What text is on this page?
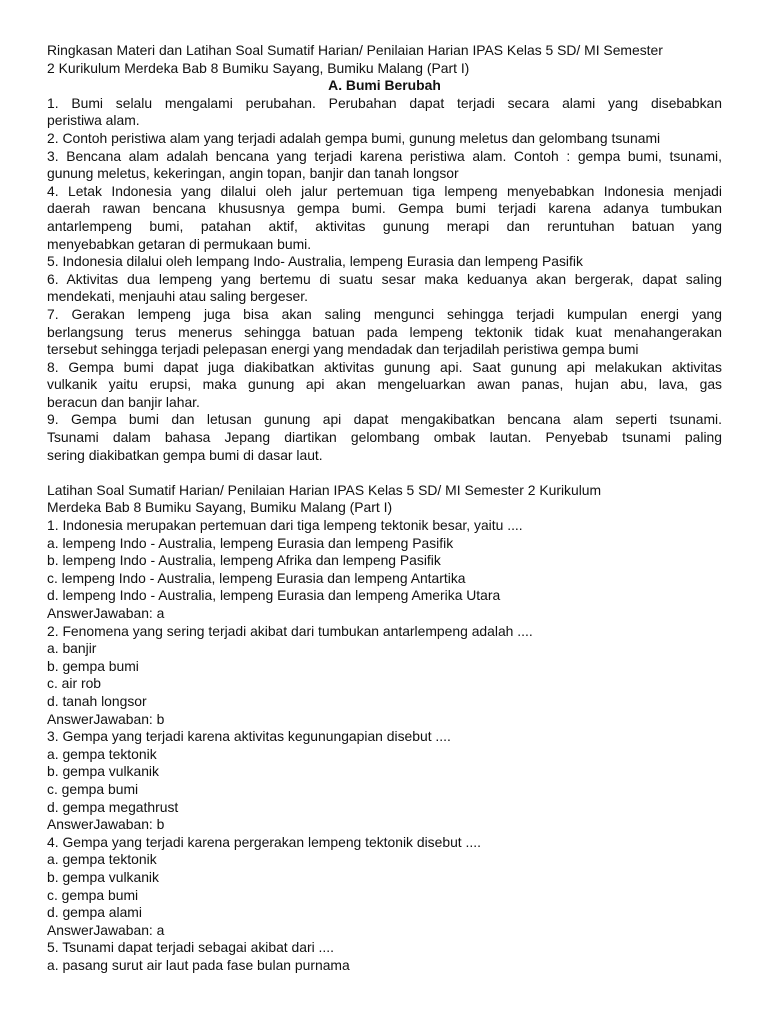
Ringkasan Materi dan Latihan Soal Sumatif Harian/ Penilaian Harian IPAS Kelas 5 SD/ MI Semester
2 Kurikulum Merdeka Bab 8 Bumiku Sayang, Bumiku Malang (Part I)
A. Bumi Berubah
1. Bumi selalu mengalami perubahan. Perubahan dapat terjadi secara alami yang disebabkan
peristiwa alam.
2. Contoh peristiwa alam yang terjadi adalah gempa bumi, gunung meletus dan gelombang tsunami
3. Bencana alam adalah bencana yang terjadi karena peristiwa alam. Contoh : gempa bumi, tsunami,
gunung meletus, kekeringan, angin topan, banjir dan tanah longsor
4. Letak Indonesia yang dilalui oleh jalur pertemuan tiga lempeng menyebabkan Indonesia menjadi
daerah rawan bencana khususnya gempa bumi. Gempa bumi terjadi karena adanya tumbukan
antarlempeng bumi, patahan aktif, aktivitas gunung merapi dan reruntuhan batuan yang
menyebabkan getaran di permukaan bumi.
5. Indonesia dilalui oleh lempang Indo- Australia, lempeng Eurasia dan lempeng Pasifik
6. Aktivitas dua lempeng yang bertemu di suatu sesar maka keduanya akan bergerak, dapat saling
mendekati, menjauhi atau saling bergeser.
7. Gerakan lempeng juga bisa akan saling mengunci sehingga terjadi kumpulan energi yang
berlangsung terus menerus sehingga batuan pada lempeng tektonik tidak kuat menahangerakan
tersebut sehingga terjadi pelepasan energi yang mendadak dan terjadilah peristiwa gempa bumi
8. Gempa bumi dapat juga diakibatkan aktivitas gunung api. Saat gunung api melakukan aktivitas
vulkanik yaitu erupsi, maka gunung api akan mengeluarkan awan panas, hujan abu, lava, gas
beracun dan banjir lahar.
9. Gempa bumi dan letusan gunung api dapat mengakibatkan bencana alam seperti tsunami.
Tsunami dalam bahasa Jepang diartikan gelombang ombak lautan. Penyebab tsunami paling
sering diakibatkan gempa bumi di dasar laut.
Latihan Soal Sumatif Harian/ Penilaian Harian IPAS Kelas 5 SD/ MI Semester 2 Kurikulum
Merdeka Bab 8 Bumiku Sayang, Bumiku Malang (Part I)
1. Indonesia merupakan pertemuan dari tiga lempeng tektonik besar, yaitu ....
a. lempeng Indo - Australia, lempeng Eurasia dan lempeng Pasifik
b. lempeng Indo - Australia, lempeng Afrika dan lempeng Pasifik
c. lempeng Indo - Australia, lempeng Eurasia dan lempeng Antartika
d. lempeng Indo - Australia, lempeng Eurasia dan lempeng Amerika Utara
AnswerJawaban: a
2. Fenomena yang sering terjadi akibat dari tumbukan antarlempeng adalah ....
a. banjir
b. gempa bumi
c. air rob
d. tanah longsor
AnswerJawaban: b
3. Gempa yang terjadi karena aktivitas kegunungapian disebut ....
a. gempa tektonik
b. gempa vulkanik
c. gempa bumi
d. gempa megathrust
AnswerJawaban: b
4. Gempa yang terjadi karena pergerakan lempeng tektonik disebut ....
a. gempa tektonik
b. gempa vulkanik
c. gempa bumi
d. gempa alami
AnswerJawaban: a
5. Tsunami dapat terjadi sebagai akibat dari ....
a. pasang surut air laut pada fase bulan purnama
